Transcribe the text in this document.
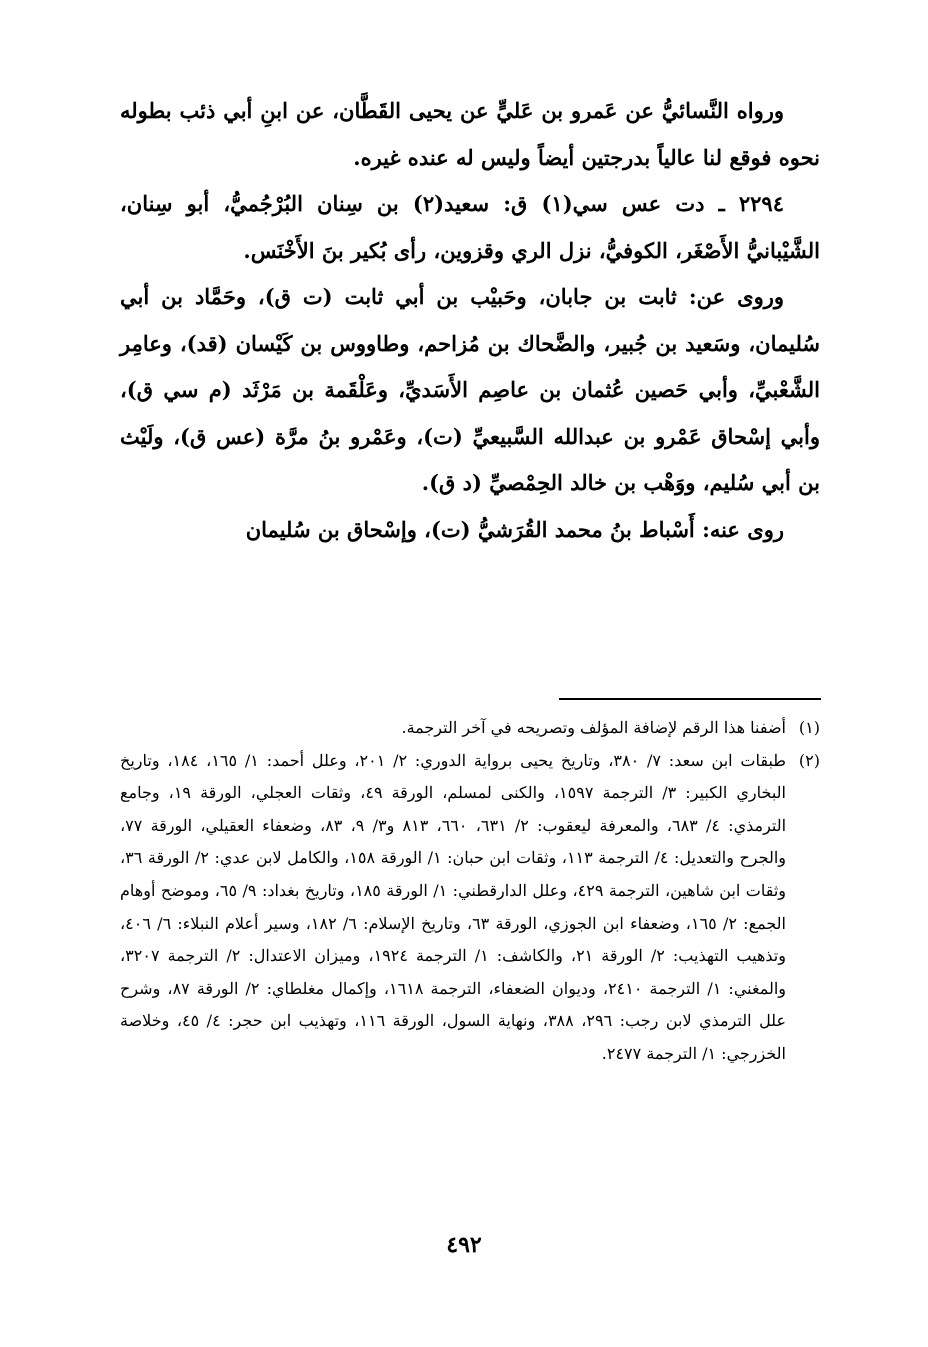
ورواه النَّسائيُّ عن عَمرو بن عَليٍّ عن يحيى القَطَّان، عن ابنِ أبي ذئب بطوله نحوه فوقع لنا عالياً بدرجتين أيضاً وليس له عنده غيره.

٢٢٩٤ ـ دت عس سي(١) ق: سعيد(٢) بن سِنان البُرْجُميُّ، أبو سِنان، الشَّيْبانيُّ الأَصْغَر، الكوفيُّ، نزل الري وقزوين، رأى بُكير بنَ الأَخْنَس.

وروى عن: ثابت بن جابان، وحَبيْب بن أبي ثابت (ت ق)، وحَمَّاد بن أبي سُليمان، وسَعيد بن جُبير، والضَّحاك بن مُزاحم، وطاووس بن كَيْسان (قد)، وعامِر الشَّعْبيِّ، وأبي حَصين عُثمان بن عاصِم الأَسَديِّ، وعَلْقَمة بن مَرْثَد (م سي ق)، وأبي إسْحاق عَمْرو بن عبدالله السَّبيعيِّ (ت)، وعَمْرو بنُ مرَّة (عس ق)، ولَيْث بن أبي سُليم، ووَهْب بن خالد الحِمْصيِّ (د ق).

روى عنه: أَسْباط بنُ محمد القُرَشيُّ (ت)، وإسْحاق بن سُليمان

(١)
أضفنا هذا الرقم لإضافة المؤلف وتصريحه في آخر الترجمة.

(٢)
طبقات ابن سعد: ٧/ ٣٨٠، وتاريخ يحيى برواية الدوري: ٢/ ٢٠١، وعلل أحمد: ١/ ١٦٥، ١٨٤، وتاريخ البخاري الكبير: ٣/ الترجمة ١٥٩٧، والكنى لمسلم، الورقة ٤٩، وثقات العجلي، الورقة ١٩، وجامع الترمذي: ٤/ ٦٨٣، والمعرفة ليعقوب: ٢/ ٦٣١، ٦٦٠، ٨١٣ و٣/ ٩، ٨٣، وضعفاء العقيلي، الورقة ٧٧، والجرح والتعديل: ٤/ الترجمة ١١٣، وثقات ابن حبان: ١/ الورقة ١٥٨، والكامل لابن عدي: ٢/ الورقة ٣٦، وثقات ابن شاهين، الترجمة ٤٢٩، وعلل الدارقطني: ١/ الورقة ١٨٥، وتاريخ بغداد: ٩/ ٦٥، وموضح أوهام الجمع: ٢/ ١٦٥، وضعفاء ابن الجوزي، الورقة ٦٣، وتاريخ الإسلام: ٦/ ١٨٢، وسير أعلام النبلاء: ٦/ ٤٠٦، وتذهيب التهذيب: ٢/ الورقة ٢١، والكاشف: ١/ الترجمة ١٩٢٤، وميزان الاعتدال: ٢/ الترجمة ٣٢٠٧، والمغني: ١/ الترجمة ٢٤١٠، وديوان الضعفاء، الترجمة ١٦١٨، وإكمال مغلطاي: ٢/ الورقة ٨٧، وشرح علل الترمذي لابن رجب: ٢٩٦، ٣٨٨، ونهاية السول، الورقة ١١٦، وتهذيب ابن حجر: ٤/ ٤٥، وخلاصة الخزرجي: ١/ الترجمة ٢٤٧٧.

٤٩٢
